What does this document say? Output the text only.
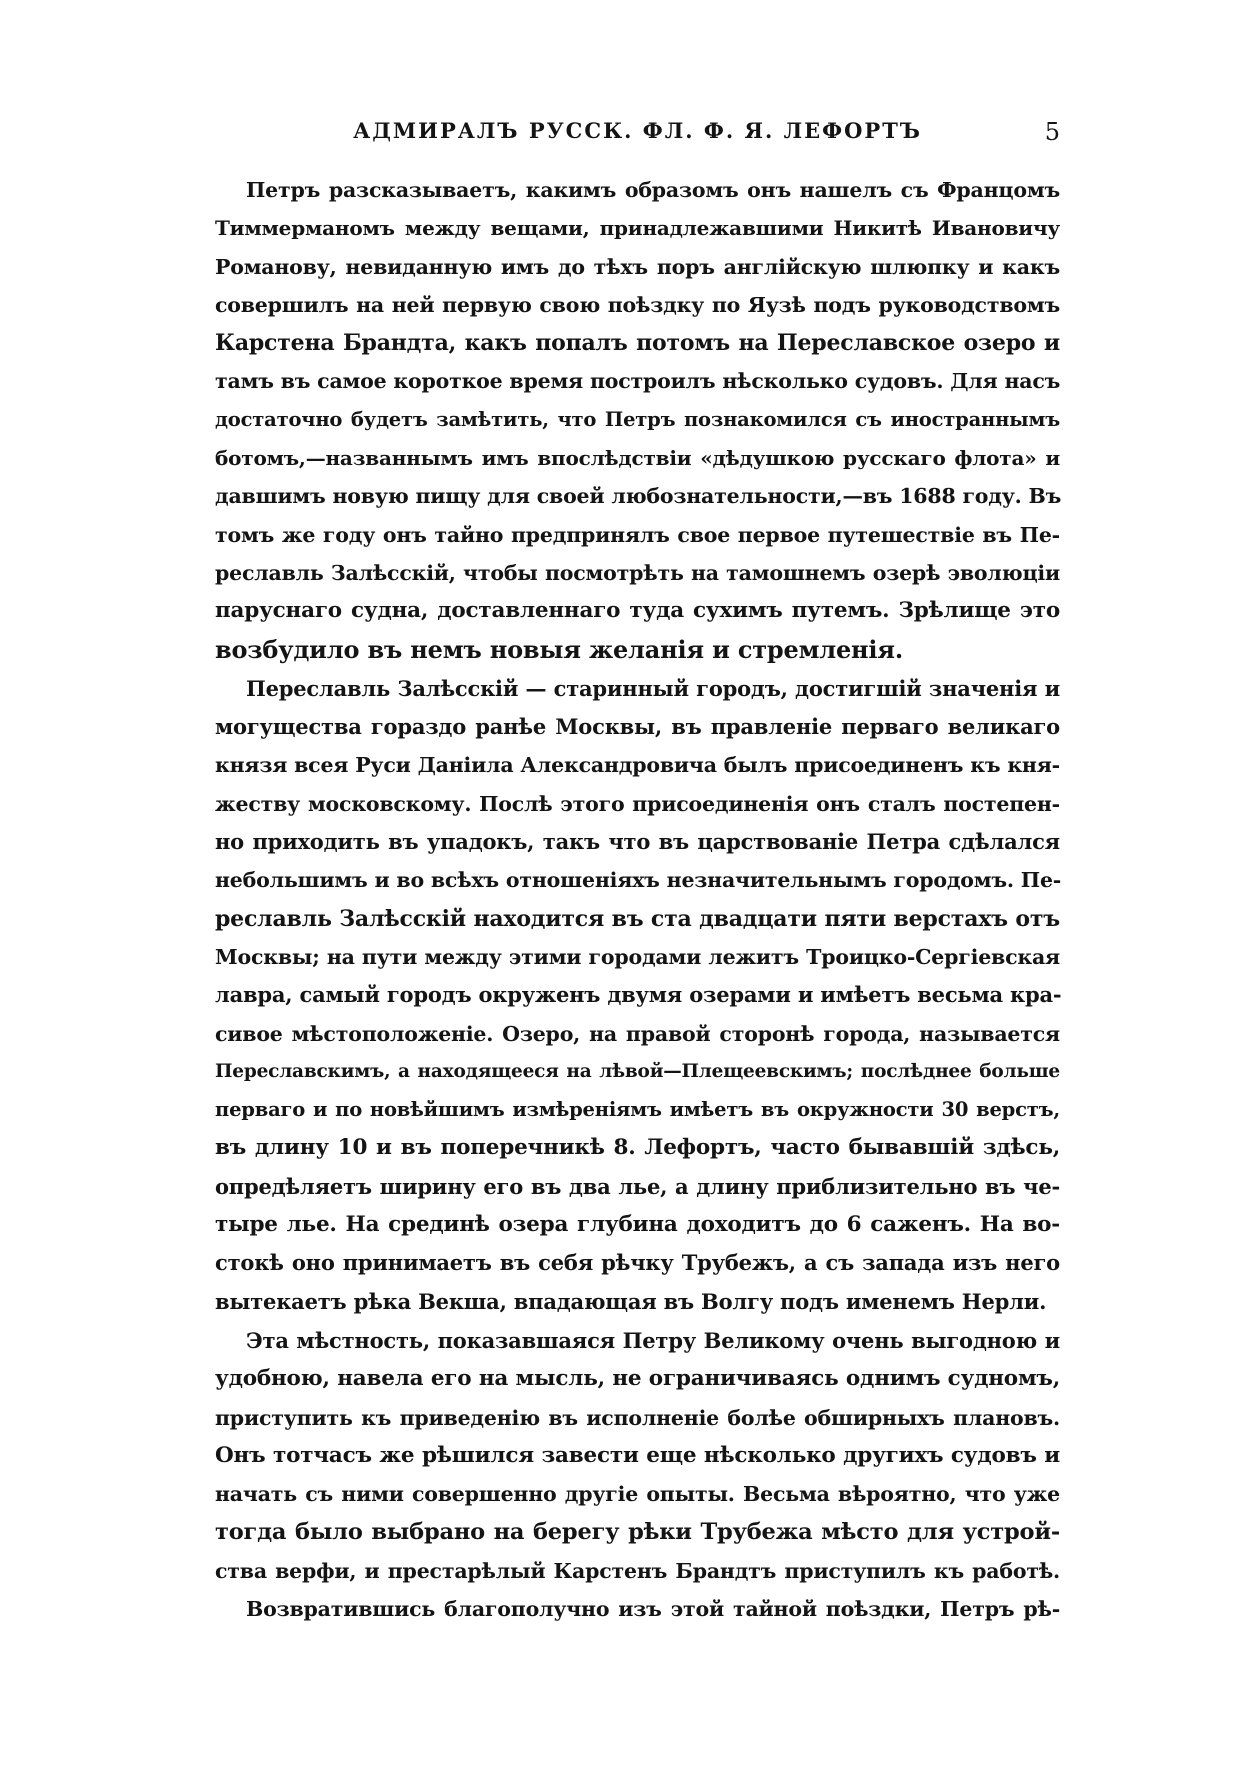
АДМИРАЛЪ РУССК. ФЛ. Ф. Я. ЛЕФОРТЪ	5
Петръ разсказываетъ, какимъ образомъ онъ нашелъ съ Францомъ
Тиммерманомъ между вещами, принадлежавшими Никитѣ Ивановичу
Романову, невиданную имъ до тѣхъ поръ англійскую шлюпку и какъ
совершилъ на ней первую свою поѣздку по Яузѣ подъ руководствомъ
Карстена Брандта, какъ попалъ потомъ на Переславское озеро и
тамъ въ самое короткое время построилъ нѣсколько судовъ. Для насъ
достаточно будетъ замѣтить, что Петръ познакомился съ иностраннымъ
ботомъ,—названнымъ имъ впослѣдствіи «дѣдушкою русскаго флота» и
давшимъ новую пищу для своей любознательности,—въ 1688 году. Въ
томъ же году онъ тайно предпринялъ свое первое путешествіе въ Пе-
реславль Залѣсскій, чтобы посмотрѣть на тамошнемъ озерѣ эволюціи
паруснаго судна, доставленнаго туда сухимъ путемъ. Зрѣлище это
возбудило въ немъ новыя желанія и стремленія.
Переславль Залѣсскій — старинный городъ, достигшій значенія и
могущества гораздо ранѣе Москвы, въ правленіе перваго великаго
князя всея Руси Даніила Александровича былъ присоединенъ къ кня-
жеству московскому. Послѣ этого присоединенія онъ сталъ постепен-
но приходить въ упадокъ, такъ что въ царствованіе Петра сдѣлался
небольшимъ и во всѣхъ отношеніяхъ незначительнымъ городомъ. Пе-
реславль Залѣсскій находится въ ста двадцати пяти верстахъ отъ
Москвы; на пути между этими городами лежитъ Троицко-Сергіевская
лавра, самый городъ окруженъ двумя озерами и имѣетъ весьма кра-
сивое мѣстоположеніе. Озеро, на правой сторонѣ города, называется
Переславскимъ, а находящееся на лѣвой—Плещеевскимъ; послѣднее больше
перваго и по новѣйшимъ измѣреніямъ имѣетъ въ окружности 30 верстъ,
въ длину 10 и въ поперечникѣ 8. Лефортъ, часто бывавшій здѣсь,
опредѣляетъ ширину его въ два лье, а длину приблизительно въ че-
тыре лье. На срединѣ озера глубина доходитъ до 6 саженъ. На во-
стокѣ оно принимаетъ въ себя рѣчку Трубежъ, а съ запада изъ него
вытекаетъ рѣка Векша, впадающая въ Волгу подъ именемъ Нерли.
Эта мѣстность, показавшаяся Петру Великому очень выгодною и
удобною, навела его на мысль, не ограничиваясь однимъ судномъ,
приступить къ приведенію въ исполненіе болѣе обширныхъ плановъ.
Онъ тотчасъ же рѣшился завести еще нѣсколько другихъ судовъ и
начать съ ними совершенно другіе опыты. Весьма вѣроятно, что уже
тогда было выбрано на берегу рѣки Трубежа мѣсто для устрой-
ства верфи, и престарѣлый Карстенъ Брандтъ приступилъ къ работѣ.
Возвратившись благополучно изъ этой тайной поѣздки, Петръ рѣ-
